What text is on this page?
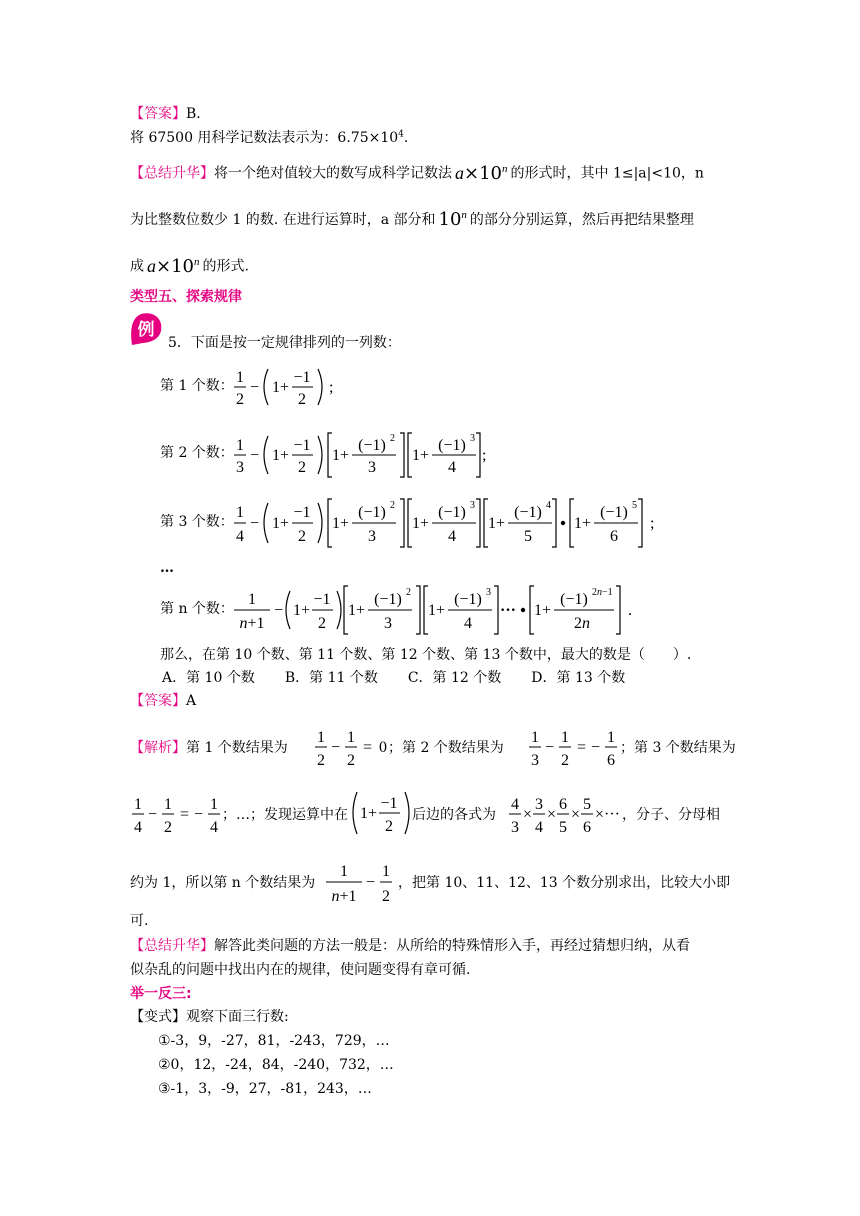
【答案】B.
将 67500 用科学记数法表示为：$6.75\times 10^4$.
【总结升华】将一个绝对值较大的数写成科学记数法 $a\times 10^n$ 的形式时，其中 1≤|a|<10，n
为比整数位数少 1 的数. 在进行运算时，a 部分和 10$^n$ 的部分分别运算，然后再把结果整理
成 $a\times 10^n$ 的形式.
类型五、探索规律
例
5．下面是按一定规律排列的一列数：
第 1 个数：
第 2 个数：
第 3 个数：
…
第 n 个数：
1
2
− 1+
−1
2
;
1
3
− 1+
−1
2
1+
(−1) 2
3
1+
(−1) 3
4
;
1
4
− 1+
−1
2
1+
(−1) 2
3
1+
(−1) 3
4
1+
(−1) 4
5
1+
(−1) 5
6
;
1
n+1
− 1+
−1
2
1+
(−1) 2
3
1+
(−1) 3
4
··· 1+
(−1) 2n−1
2n
.
那么，在第 10 个数、第 11 个数、第 12 个数、第 13 个数中，最大的数是（　　）.
A．第 10 个数 B．第 11 个数 C．第 12 个数 D．第 13 个数
【答案】A
【解析】第 1 个数结果为
1
2
−
1
2
= 0 ；第 2 个数结果为
1
3
−
1
2
= −
1
6
；第 3 个数结果为
1
4
−
1
2
= −
1
4
；…；发现运算中在 1+
−1
2
后边的各式为
4
3
×
3
4
×
6
5
×
5
6
×··· ，分子、分母相
约为 1，所以第 n 个数结果为
1
n+1
−
1
2
，把第 10、11、12、13 个数分别求出，比较大小即
可.
【总结升华】解答此类问题的方法一般是：从所给的特殊情形入手，再经过猜想归纳，从看
似杂乱的问题中找出内在的规律，使问题变得有章可循.
举一反三:
【变式】观察下面三行数:
①-3，9，-27，81，-243，729，…
②0，12，-24，84，-240，732，…
③-1，3，-9，27，-81，243，…
